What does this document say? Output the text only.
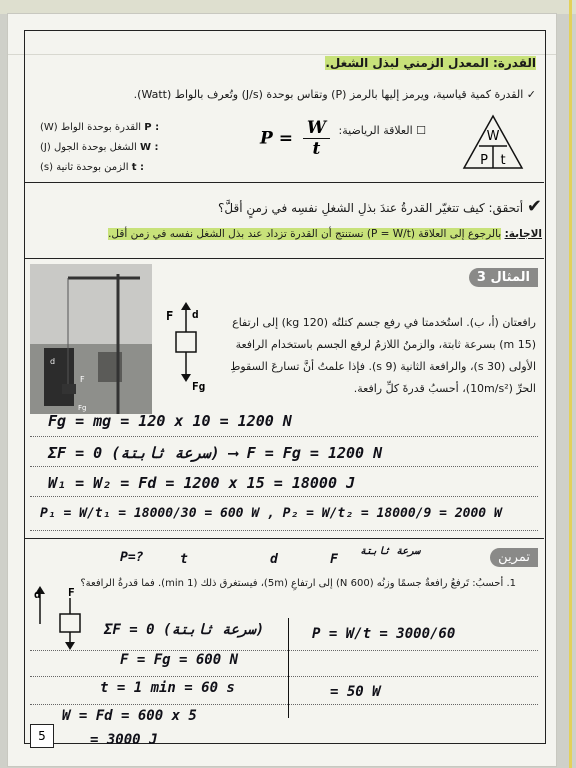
القدرة: المعدل الزمني لبذل الشغل.
✓ القدرة كمية قياسية، ويرمز إليها بالرمز (P) وتقاس بوحدة (J/s) وتُعرف بالواط (Watt).
☐ العلاقة الرياضية:	W
P t
$P = \frac{W}{t}$
القدرة بوحدة الواط (W) P :
الشغل بوحدة الجول (J) W :
الزمن بوحدة ثانية (s) t :
✔ أتحقق: كيف تتغيّر القدرةُ عندَ بذلِ الشغلِ نفسِه في زمنٍ أقلَّ؟
الاجابة: بالرجوع إلى العلاقة (P = W/t) نستنتج أن القدرة تزداد عند بذل الشغل نفسه في زمن أقل.
المثال 3
d
F
Fg
F d
Fg
رافعتان (أ، ب). استُخدمتا في رفع جسم كتلتُه (120 kg) إلى ارتفاع
(15 m) بسرعة ثابتة، والزمنُ اللازمُ لرفع الجسم باستخدام الرافعة
الأولى (30 s)، والرافعة الثانية (9 s). فإذا علمتُ أنَّ تسارعَ السقوطِ
الحرِّ (10m/s²)، أحسبُ قدرةَ كلِّ رافعة.
Fg = mg = 120 x 10 = 1200 N
ΣF = 0 (سرعة ثابتة) ⟶ F = Fg = 1200 N
W₁ = W₂ = Fd = 1200 x 15 = 18000 J
P₁ = W/t₁ = 18000/30 = 600 W , P₂ = W/t₂ = 18000/9 = 2000 W
تمرين
P=?	t	d	F
سرعة ثابتة
1. أحسبُ: تَرفعُ رافعةٌ جسمًا وزنُه (600 N) إلى ارتفاعِ (5m)، فيستغرق ذلك (1 min). فما قدرةُ الرافعة؟
d F
ΣF = 0 (سرعة ثابتة)
F = Fg = 600 N
t = 1 min = 60 s
W = Fd = 600 x 5
= 3000 J
P = W/t = 3000/60
= 50 W
5
